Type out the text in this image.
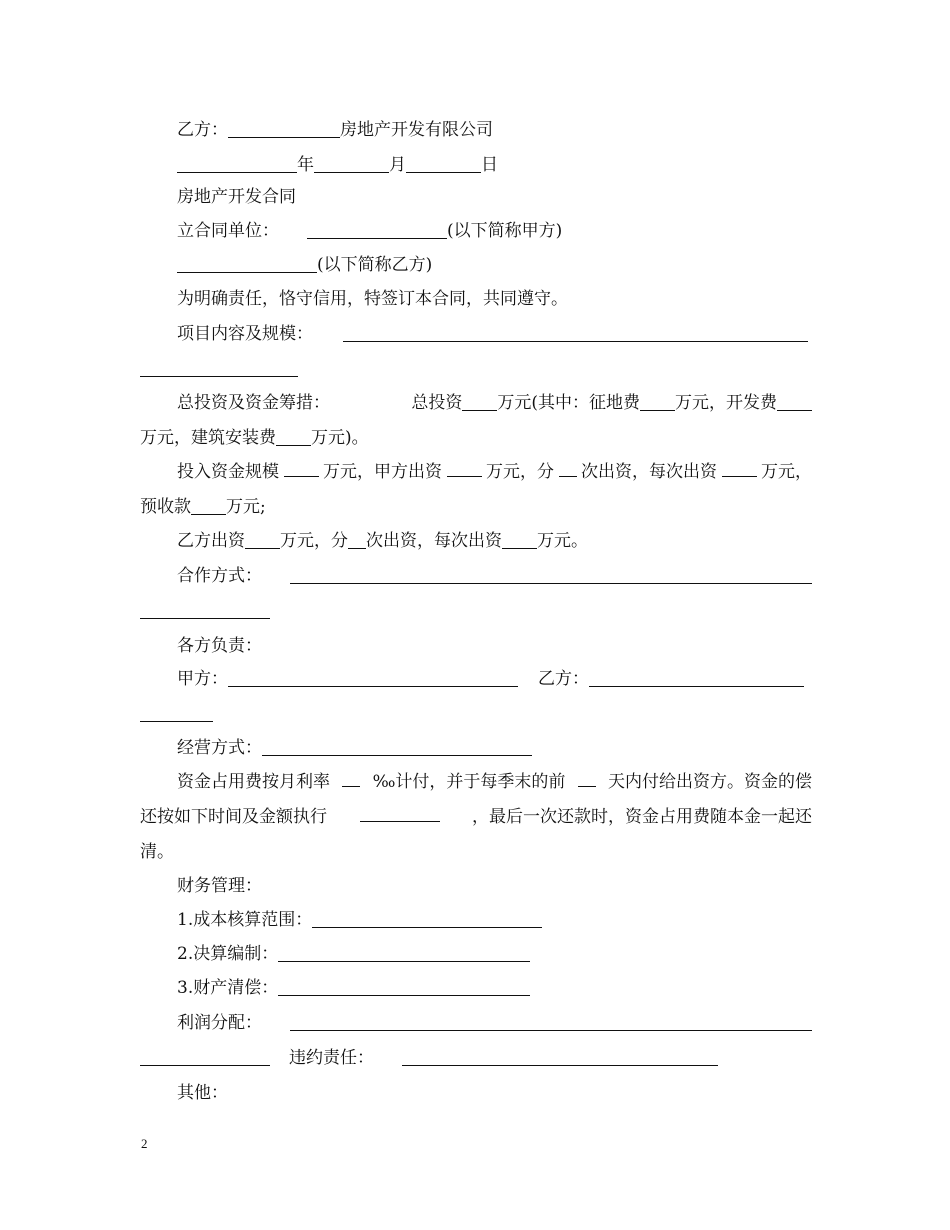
乙方：	房地产开发有限公司
年	月	日
房地产开发合同
立合同单位：	(以下简称甲方)
(以下简称乙方)
为明确责任，恪守信用，特签订本合同，共同遵守。
项目内容及规模：
总投资及资金筹措：	总投资 万元(其中：征地费 万元，开发费
万元，建筑安装费 万元)。
投入资金规模	万元，甲方出资	万元，分 次出资，每次出资	万元，
预收款 万元;
乙方出资 万元，分 次出资，每次出资 万元。
合作方式：
各方负责：
甲方：	乙方：
经营方式：
资金占用费按月利率	‰计付，并于每季末的前	天内付给出资方。资金的偿
还按如下时间及金额执行	，最后一次还款时，资金占用费随本金一起还
清。
财务管理：
1.成本核算范围：
2.决算编制：
3.财产清偿：
利润分配：
违约责任：
其他：
2
